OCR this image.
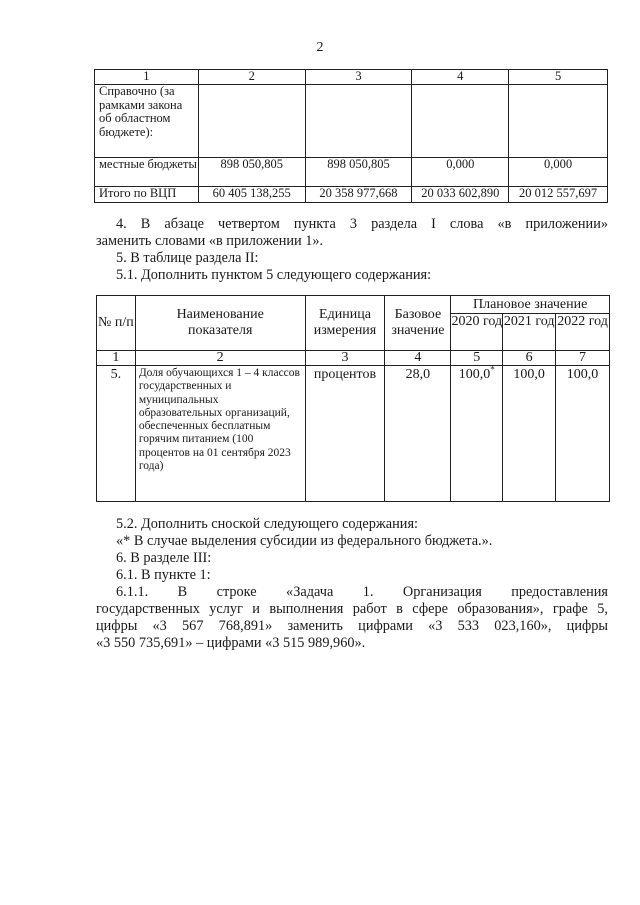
2
1	2	3	4	5
Справочно (за рамками закона об областном бюджете):				
местные бюджеты	898 050,805	898 050,805	0,000	0,000
Итого по ВЦП	60 405 138,255	20 358 977,668	20 033 602,890	20 012 557,697

4. В абзаце четвертом пункта 3 раздела I слова «в приложении»

заменить словами «в приложении 1».

5. В таблице раздела II:

5.1. Дополнить пунктом 5 следующего содержания:

№ п/п	Наименование показателя	Единица измерения	Базовое значение	Плановое значение		
				2020 год	2021 год	2022 год
1	2	3	4	5	6	7
5.	Доля обучающихся 1 – 4 классов государственных и муниципальных образовательных организаций, обеспеченных бесплатным горячим питанием (100 процентов на 01 сентября 2023 года)	процентов	28,0	100,0*	100,0	100,0

5.2. Дополнить сноской следующего содержания:

«* В случае выделения субсидии из федерального бюджета.».

6. В разделе III:

6.1. В пункте 1:

6.1.1. В строке «Задача 1. Организация предоставления

государственных услуг и выполнения работ в сфере образования», графе 5,

цифры «3 567 768,891» заменить цифрами «3 533 023,160», цифры

«3 550 735,691» – цифрами «3 515 989,960».
